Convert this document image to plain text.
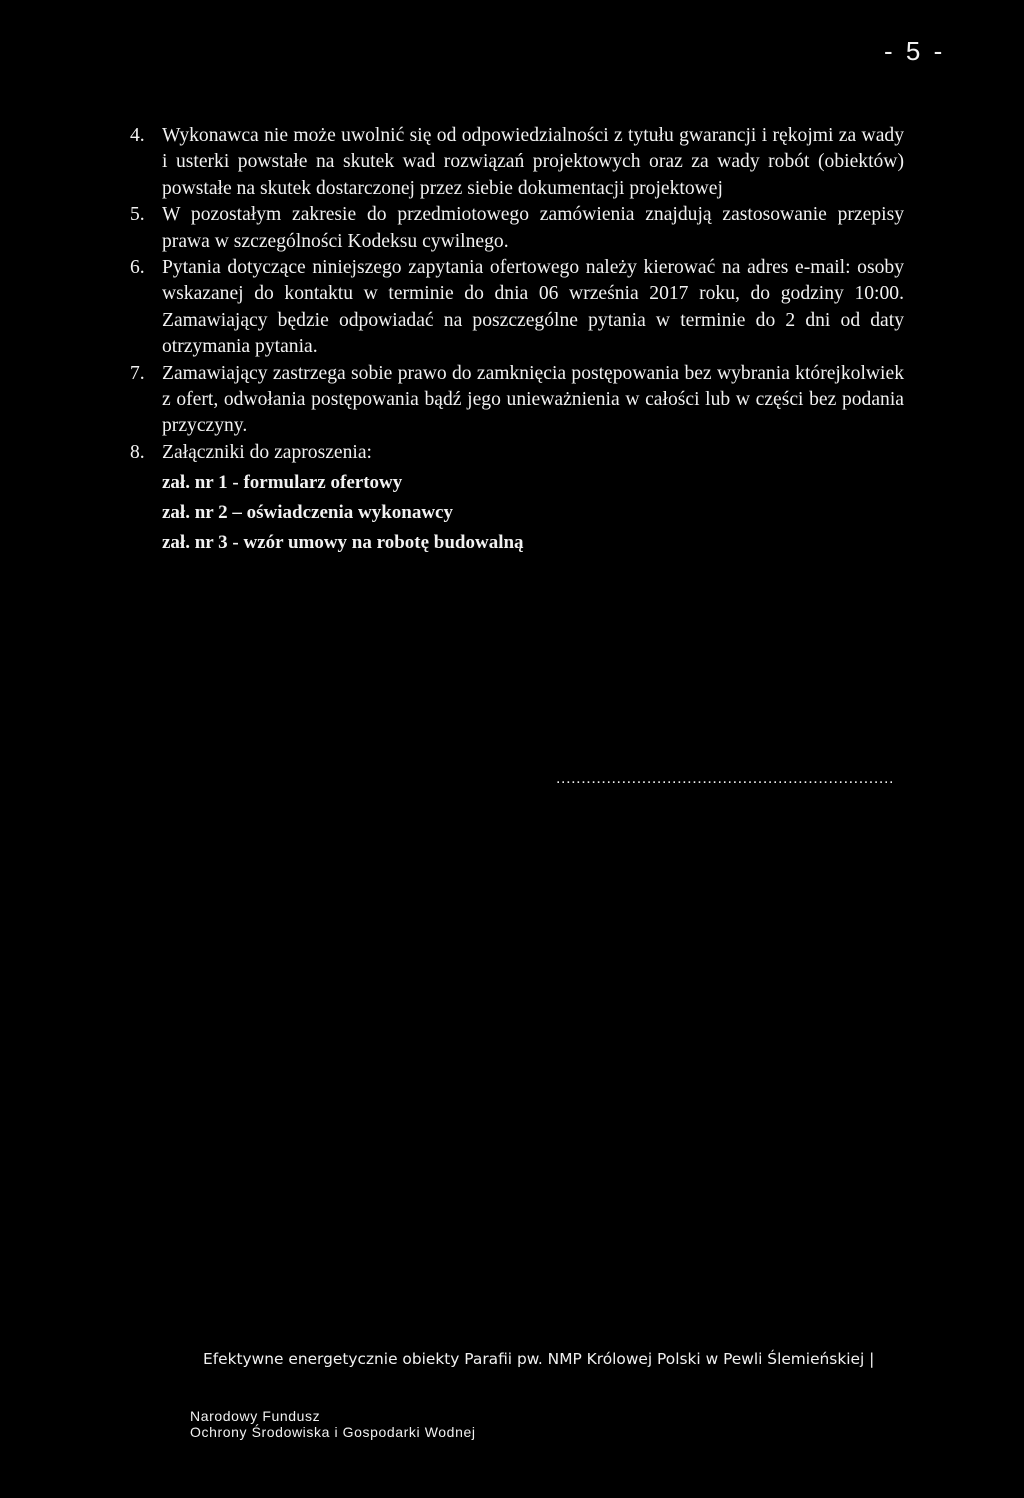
- 5 -
4. Wykonawca nie może uwolnić się od odpowiedzialności z tytułu gwarancji i rękojmi za wady i usterki powstałe na skutek wad rozwiązań projektowych oraz za wady robót (obiektów) powstałe na skutek dostarczonej przez siebie dokumentacji projektowej
5. W pozostałym zakresie do przedmiotowego zamówienia znajdują zastosowanie przepisy prawa w szczególności Kodeksu cywilnego.
6. Pytania dotyczące niniejszego zapytania ofertowego należy kierować na adres e-mail: osoby wskazanej do kontaktu w terminie do dnia 06 września 2017 roku, do godziny 10:00. Zamawiający będzie odpowiadać na poszczególne pytania w terminie do 2 dni od daty otrzymania pytania.
7. Zamawiający zastrzega sobie prawo do zamknięcia postępowania bez wybrania którejkolwiek z ofert, odwołania postępowania bądź jego unieważnienia w całości lub w części bez podania przyczyny.
8. Załączniki do zaproszenia:
zał. nr 1 - formularz ofertowy
zał. nr 2 – oświadczenia wykonawcy
zał. nr 3 - wzór umowy na robotę budowalną
...................................................................
Efektywne energetycznie obiekty Parafii pw. NMP Królowej Polski w Pewli Ślemieńskiej |
Narodowy Fundusz
Ochrony Środowiska i Gospodarki Wodnej
